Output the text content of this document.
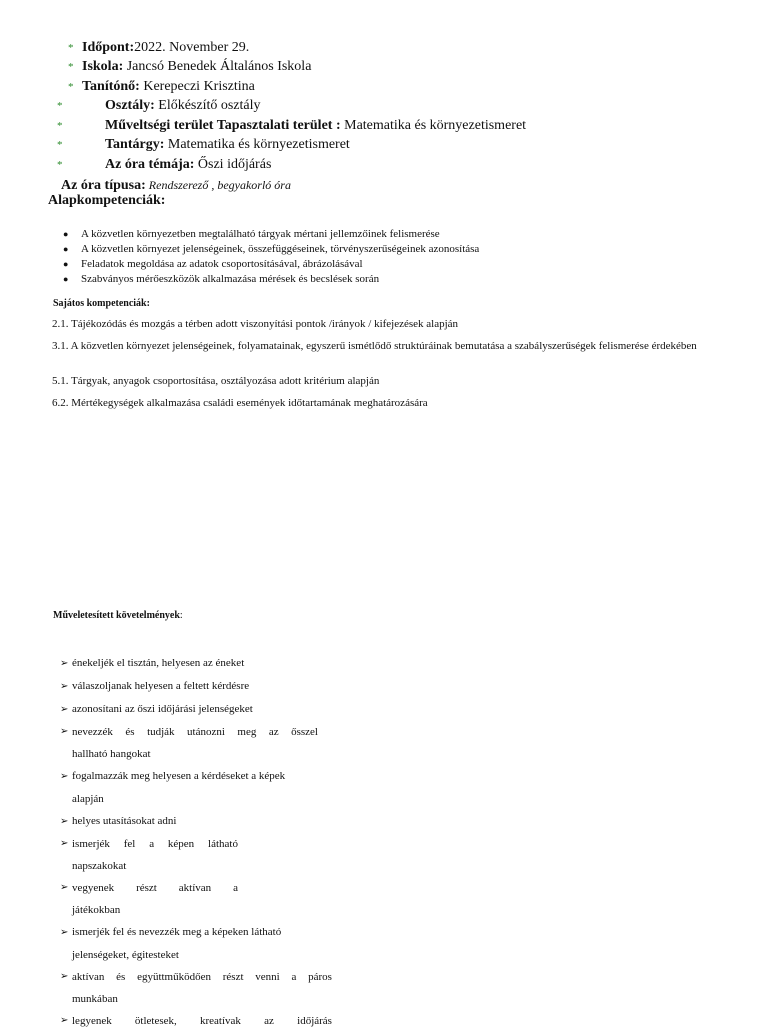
* Időpont:2022. November 29.
* Iskola: Jancsó Benedek Általános Iskola
* Tanítónő: Kerepeczi Krisztina
*	Osztály: Előkészítő osztály
*	Műveltségi terület Tapasztalati terület : Matematika és környezetismeret
*	Tantárgy: Matematika és környezetismeret
*	Az óra témája: Őszi időjárás
Az óra típusa: Rendszerező , begyakorló óra
Alapkompetenciák:
● A közvetlen környezetben megtalálható tárgyak mértani jellemzőinek felismerése
● A közvetlen környezet jelenségeinek, összefüggéseinek, törvényszerűségeinek azonosítása
● Feladatok megoldása az adatok csoportosításával, ábrázolásával
● Szabványos mérőeszközök alkalmazása mérések és becslések során
Sajátos kompetenciák:
2.1. Tájékozódás és mozgás a térben adott viszonyítási pontok /irányok / kifejezések alapján
3.1. A közvetlen környezet jelenségeinek, folyamatainak, egyszerű ismétlődő struktúráinak bemutatása a szabályszerűségek felismerése érdekében
5.1. Tárgyak, anyagok csoportosítása, osztályozása adott kritérium alapján
6.2. Mértékegységek alkalmazása családi események időtartamának meghatározására
Műveletesített követelmények:
➢ énekeljék el tisztán, helyesen az éneket
➢ válaszoljanak helyesen a feltett kérdésre
➢ azonosítani az őszi időjárási jelenségeket
➢ nevezzék és tudják utánozni meg az ősszel
hallható hangokat
➢ fogalmazzák meg helyesen a kérdéseket a képek
alapján
➢ helyes utasításokat adni
➢ ismerjék fel a képen látható
napszakokat
➢ vegyenek részt aktívan a
játékokban
➢ ismerjék fel és nevezzék meg a képeken látható
jelenségeket, égitesteket
➢ aktívan és együttműködően részt venni a páros
munkában
➢ legyenek ötletesek, kreatívak az időjárás
